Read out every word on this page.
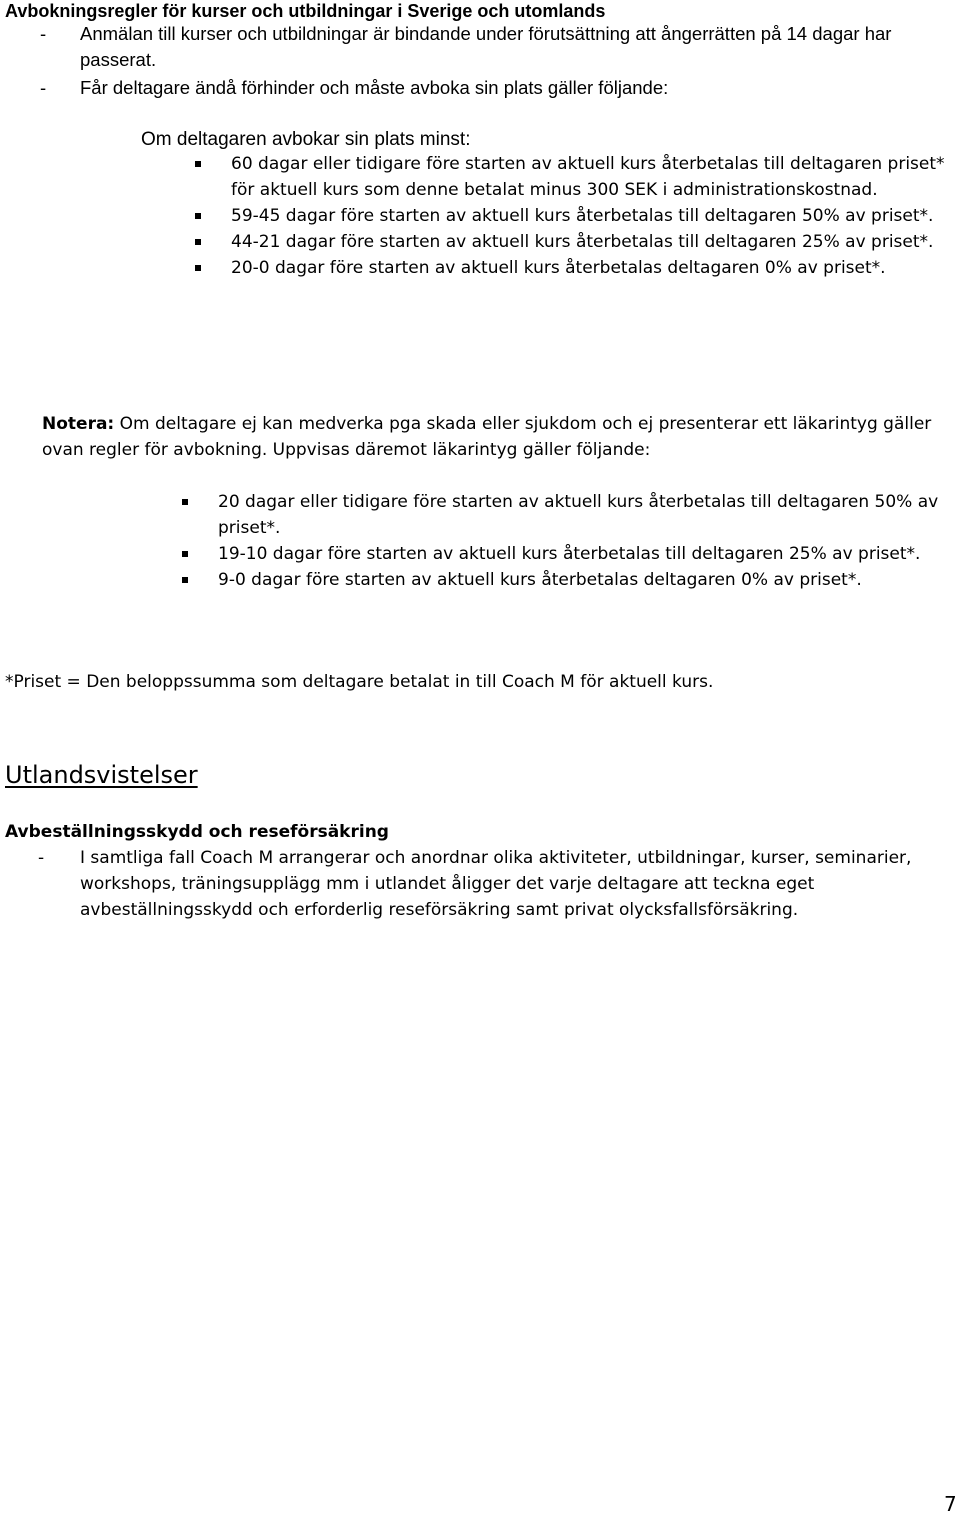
Avbokningsregler för kurser och utbildningar i Sverige och utomlands
- Anmälan till kurser och utbildningar är bindande under förutsättning att ångerrätten på 14 dagar har passerat.
- Får deltagare ändå förhinder och måste avboka sin plats gäller följande:
Om deltagaren avbokar sin plats minst:
60 dagar eller tidigare före starten av aktuell kurs återbetalas till deltagaren priset* för aktuell kurs som denne betalat minus 300 SEK i administrationskostnad.
59-45 dagar före starten av aktuell kurs återbetalas till deltagaren 50% av priset*.
44-21 dagar före starten av aktuell kurs återbetalas till deltagaren 25% av priset*.
20-0 dagar före starten av aktuell kurs återbetalas deltagaren 0% av priset*.
Notera: Om deltagare ej kan medverka pga skada eller sjukdom och ej presenterar ett läkarintyg gäller ovan regler för avbokning. Uppvisas däremot läkarintyg gäller följande:
20 dagar eller tidigare före starten av aktuell kurs återbetalas till deltagaren 50% av priset*.
19-10 dagar före starten av aktuell kurs återbetalas till deltagaren 25% av priset*.
9-0 dagar före starten av aktuell kurs återbetalas deltagaren 0% av priset*.
*Priset = Den beloppssumma som deltagare betalat in till Coach M för aktuell kurs.
Utlandsvistelser
Avbeställningsskydd och reseförsäkring
- I samtliga fall Coach M arrangerar och anordnar olika aktiviteter, utbildningar, kurser, seminarier, workshops, träningsupplägg mm i utlandet åligger det varje deltagare att teckna eget avbeställningsskydd och erforderlig reseförsäkring samt privat olycksfallsförsäkring.
7
